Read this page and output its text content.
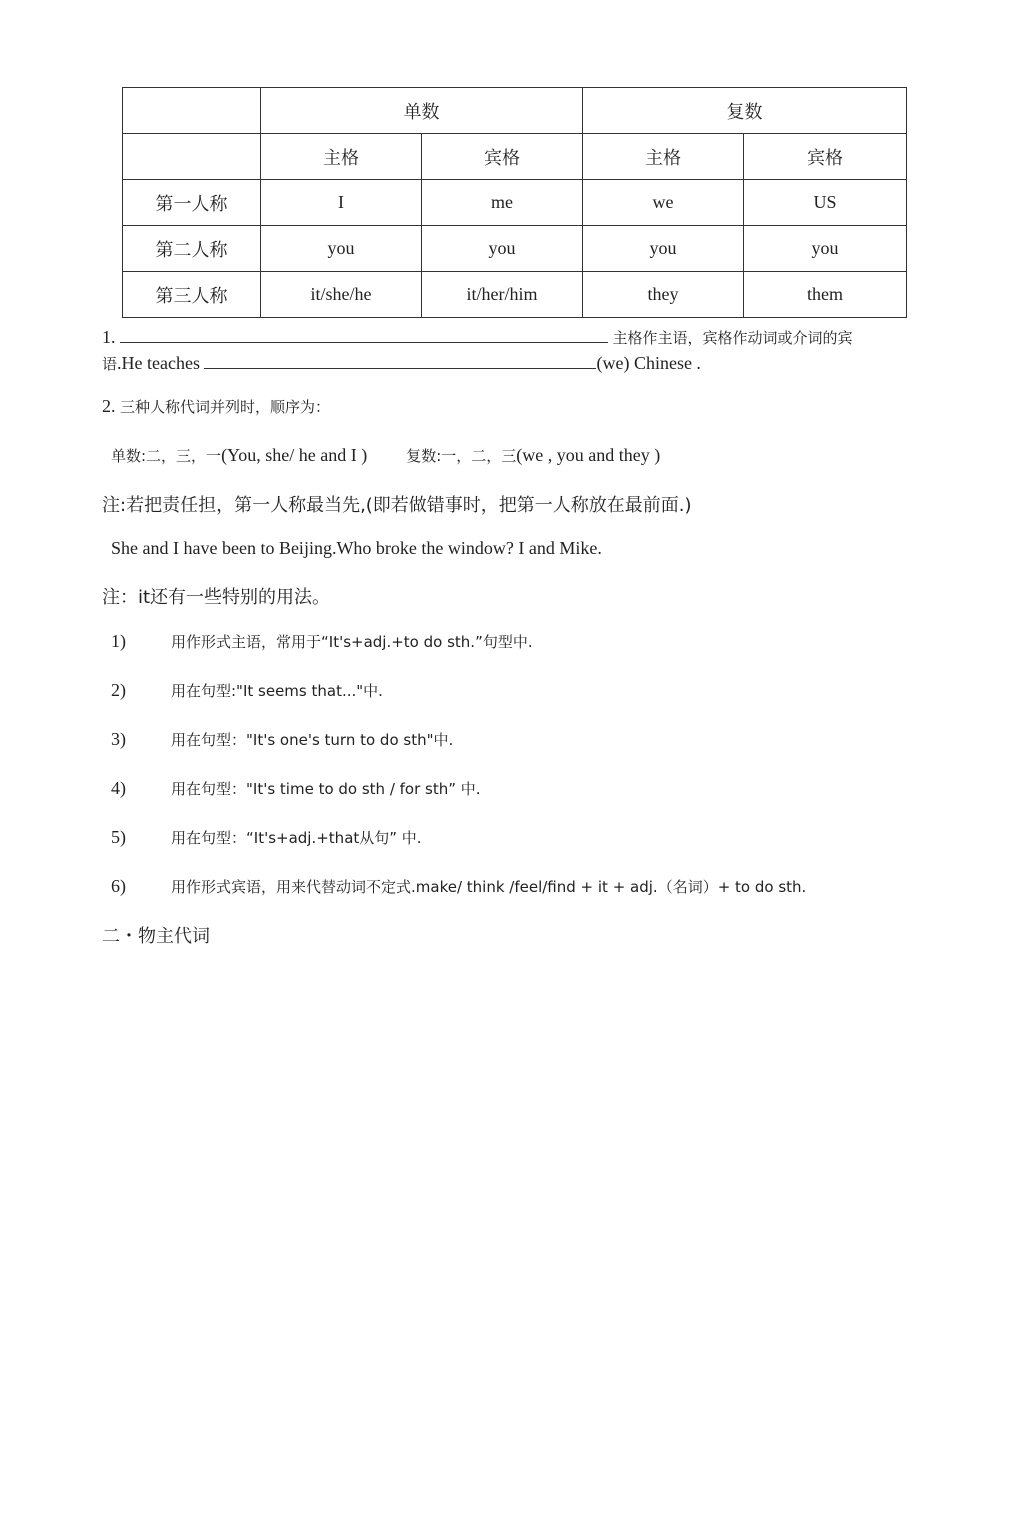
	单数		复数	
	主格	宾格	主格	宾格
第一人称	I	me	we	US
第二人称	you	you	you	you
第三人称	it/she/he	it/her/him	they	them
1.	主格作主语，宾格作动词或介词的宾
语.He teaches	(we) Chinese .
2. 三种人称代词并列时，顺序为：
单数:二，三，一(You, she/ he and I )	复数:一，二，三(we , you and they )
注:若把责任担，第一人称最当先,(即若做错事时，把第一人称放在最前面.)
She and I have been to Beijing.Who broke the window? I and Mike.
注：it还有一些特别的用法。
1)	用作形式主语，常用于“It's+adj.+to do sth.”句型中.
2)	用在句型:"It seems that..."中.
3)	用在句型："It's one's turn to do sth"中.
4)	用在句型："It's time to do sth / for sth” 中.
5)	用在句型：“It's+adj.+that从句” 中.
6)	用作形式宾语，用来代替动词不定式.make/ think /feel/find + it + adj.（名词）+ to do sth.
二・物主代词
